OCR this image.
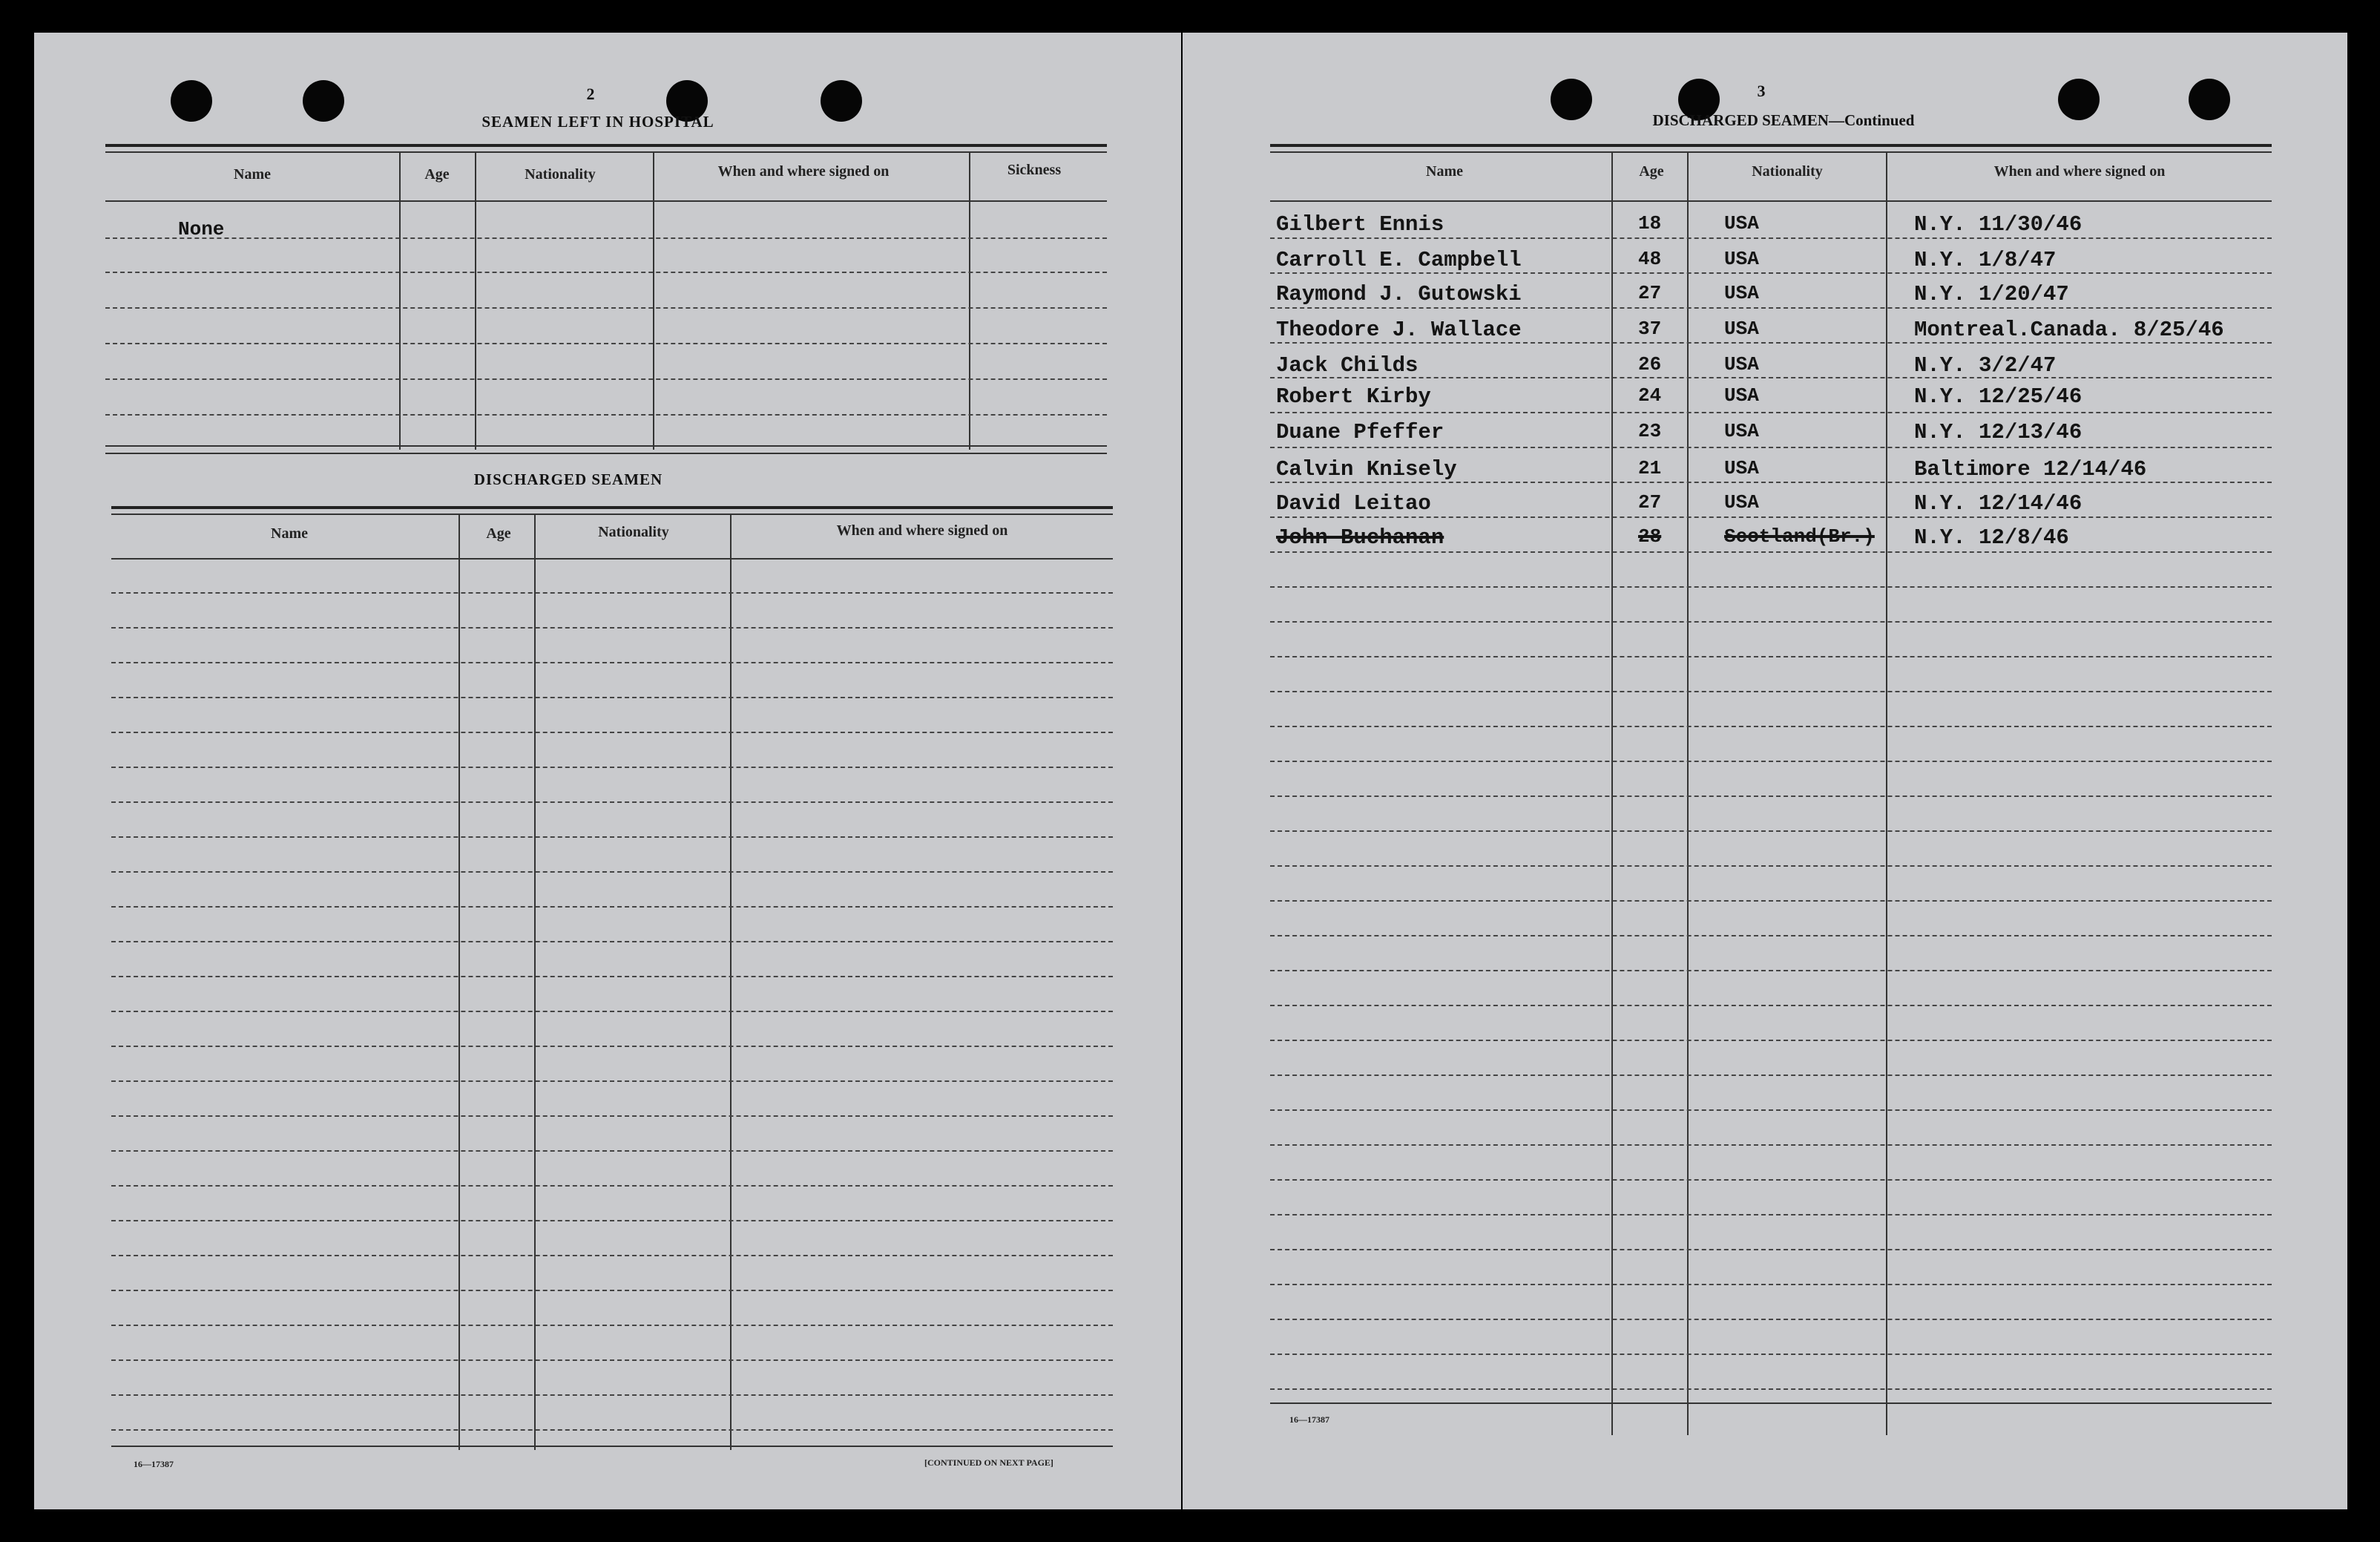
2
SEAMEN LEFT IN HOSPITAL
Name	Age	Nationality	When and where signed on	Sickness
None
DISCHARGED SEAMEN
Name	Age	Nationality	When and where signed on
16—17387	[CONTINUED ON NEXT PAGE]
3
DISCHARGED SEAMEN—Continued
Name	Age	Nationality	When and where signed on
Gilbert Ennis	18	USA	N.Y. 11/30/46
Carroll E. Campbell	48	USA	N.Y. 1/8/47
Raymond J. Gutowski	27	USA	N.Y. 1/20/47
Theodore J. Wallace	37	USA	Montreal.Canada. 8/25/46
Jack Childs	26	USA	N.Y. 3/2/47
Robert Kirby	24	USA	N.Y. 12/25/46
Duane Pfeffer	23	USA	N.Y. 12/13/46
Calvin Knisely	21	USA	Baltimore 12/14/46
David Leitao	27	USA	N.Y. 12/14/46
John Buchanan	28	Scotland(Br.) N.Y. 12/8/46
16—17387
